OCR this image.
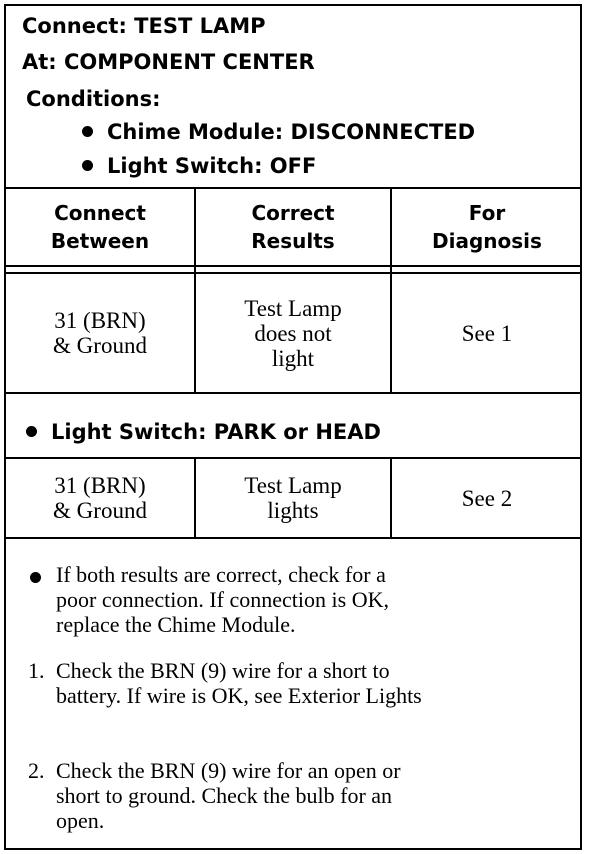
Connect: TEST LAMP
At: COMPONENT CENTER
Conditions:
Chime Module: DISCONNECTED
Light Switch: OFF
Connect
Between
Correct
Results
For
Diagnosis
31 (BRN)
& Ground
Test Lamp
does not
light
See 1
Light Switch: PARK or HEAD
31 (BRN)
& Ground
Test Lamp
lights	See 2
If both results are correct, check for a
poor connection. If connection is OK,
replace the Chime Module.
1. Check the BRN (9) wire for a short to
battery. If wire is OK, see Exterior Lights
2. Check the BRN (9) wire for an open or
short to ground. Check the bulb for an
open.
